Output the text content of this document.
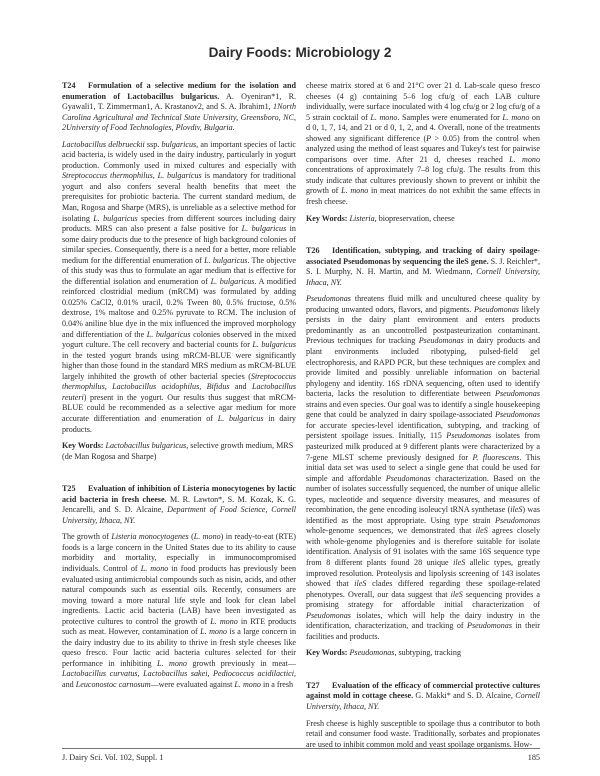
Dairy Foods: Microbiology 2

T24 Formulation of a selective medium for the isolation and enumeration of Lactobacillus bulgaricus. A. Oyeniran*1, R. Gyawali1, T. Zimmerman1, A. Krastanov2, and S. A. Ibrahim1, 1North Carolina Agricultural and Technical State University, Greensboro, NC, 2University of Food Technologies, Plovdiv, Bulgaria.

Lactobacillus delbrueckii ssp. bulgaricus, an important species of lactic acid bacteria, is widely used in the dairy industry, particularly in yogurt production. Commonly used in mixed cultures and especially with Streptococcus thermophilus, L. bulgaricus is mandatory for traditional yogurt and also confers several health benefits that meet the prerequisites for probiotic bacteria. The current standard medium, de Man, Rogosa and Sharpe (MRS), is unreliable as a selective method for isolating L. bulgaricus species from different sources including dairy products. MRS can also present a false positive for L. bulgaricus in some dairy products due to the presence of high background colonies of similar species. Consequently, there is a need for a better, more reliable medium for the differential enumeration of L. bulgaricus. The objective of this study was thus to formulate an agar medium that is effective for the differential isolation and enumeration of L. bulgaricus. A modified reinforced clostridial medium (mRCM) was formulated by adding 0.025% CaCl2, 0.01% uracil, 0.2% Tween 80, 0.5% fructose, 0.5% dextrose, 1% maltose and 0.25% pyruvate to RCM. The inclusion of 0.04% aniline blue dye in the mix influenced the improved morphology and differentiation of the L. bulgaricus colonies observed in the mixed yogurt culture. The cell recovery and bacterial counts for L. bulgaricus in the tested yogurt brands using mRCM-BLUE were significantly higher than those found in the standard MRS medium as mRCM-BLUE largely inhibited the growth of other bacterial species (Streptococcus thermophilus, Lactobacillus acidophilus, Bifidus and Lactobacillus reuteri) present in the yogurt. Our results thus suggest that mRCM-BLUE could be recommended as a selective agar medium for more accurate differentiation and enumeration of L. bulgaricus in dairy products.

Key Words: Lactobacillus bulgaricus, selective growth medium, MRS (de Man Rogosa and Sharpe)

T25 Evaluation of inhibition of Listeria monocytogenes by lactic acid bacteria in fresh cheese. M. R. Lawton*, S. M. Kozak, K. G. Jencarelli, and S. D. Alcaine, Department of Food Science, Cornell University, Ithaca, NY.

The growth of Listeria monocytogenes (L. mono) in ready-to-eat (RTE) foods is a large concern in the United States due to its ability to cause morbidity and mortality, especially in immunocompromised individuals. Control of L. mono in food products has previously been evaluated using antimicrobial compounds such as nisin, acids, and other natural compounds such as essential oils. Recently, consumers are moving toward a more natural life style and look for clean label ingredients. Lactic acid bacteria (LAB) have been investigated as protective cultures to control the growth of L. mono in RTE products such as meat. However, contamination of L. mono is a large concern in the dairy industry due to its ability to thrive in fresh style cheeses like queso fresco. Four lactic acid bacteria cultures selected for their performance in inhibiting L. mono growth previously in meat—Lactobacillus curvatus, Lactobacillus sakei, Pediococcus acidilactici, and Leuconostoc carnosum—were evaluated against L. mono in a fresh

cheese matrix stored at 6 and 21°C over 21 d. Lab-scale queso fresco cheeses (4 g) containing 5–6 log cfu/g of each LAB culture individually, were surface inoculated with 4 log cfu/g or 2 log cfu/g of a 5 strain cocktail of L. mono. Samples were enumerated for L. mono on d 0, 1, 7, 14, and 21 or d 0, 1, 2, and 4. Overall, none of the treatments showed any significant difference (P > 0.05) from the control when analyzed using the method of least squares and Tukey's test for pairwise comparisons over time. After 21 d, cheeses reached L. mono concentrations of approximately 7–8 log cfu/g. The results from this study indicate that cultures previously shown to prevent or inhibit the growth of L. mono in meat matrices do not exhibit the same effects in fresh cheese.

Key Words: Listeria, biopreservation, cheese

T26 Identification, subtyping, and tracking of dairy spoilage-associated Pseudomonas by sequencing the ileS gene. S. J. Reichler*, S. I. Murphy, N. H. Martin, and M. Wiedmann, Cornell University, Ithaca, NY.

Pseudomonas threatens fluid milk and uncultured cheese quality by producing unwanted odors, flavors, and pigments. Pseudomonas likely persists in the dairy plant environment and enters products predominantly as an uncontrolled postpasteurization contaminant. Previous techniques for tracking Pseudomonas in dairy products and plant environments included ribotyping, pulsed-field gel electrophoresis, and RAPD PCR, but these techniques are complex and provide limited and possibly unreliable information on bacterial phylogeny and identity. 16S rDNA sequencing, often used to identify bacteria, lacks the resolution to differentiate between Pseudomonas strains and even species. Our goal was to identify a single housekeeping gene that could be analyzed in dairy spoilage-associated Pseudomonas for accurate species-level identification, subtyping, and tracking of persistent spoilage issues. Initially, 115 Pseudomonas isolates from pasteurized milk produced at 9 different plants were characterized by a 7-gene MLST scheme previously designed for P. fluorescens. This initial data set was used to select a single gene that could be used for simple and affordable Pseudomonas characterization. Based on the number of isolates successfully sequenced, the number of unique allelic types, nucleotide and sequence diversity measures, and measures of recombination, the gene encoding isoleucyl tRNA synthetase (ileS) was identified as the most appropriate. Using type strain Pseudomonas whole-genome sequences, we demonstrated that ileS agrees closely with whole-genome phylogenies and is therefore suitable for isolate identification. Analysis of 91 isolates with the same 16S sequence type from 8 different plants found 28 unique ileS allelic types, greatly improved resolution. Proteolysis and lipolysis screening of 143 isolates showed that ileS clades differed regarding these spoilage-related phenotypes. Overall, our data suggest that ileS sequencing provides a promising strategy for affordable initial characterization of Pseudomonas isolates, which will help the dairy industry in the identification, characterization, and tracking of Pseudomonas in their facilities and products.

Key Words: Pseudomonas, subtyping, tracking

T27 Evaluation of the efficacy of commercial protective cultures against mold in cottage cheese. G. Makki* and S. D. Alcaine, Cornell University, Ithaca, NY.

Fresh cheese is highly susceptible to spoilage thus a contributor to both retail and consumer food waste. Traditionally, sorbates and propionates are used to inhibit common mold and yeast spoilage organisms. How-

J. Dairy Sci. Vol. 102, Suppl. 1	185
